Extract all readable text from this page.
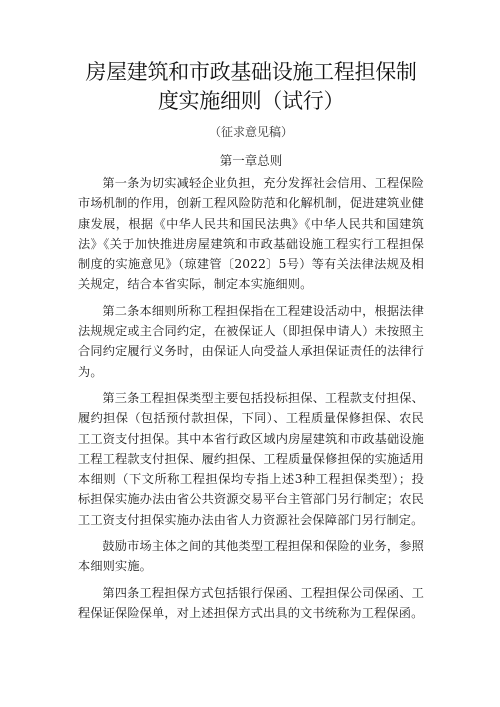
房屋建筑和市政基础设施工程担保制
度实施细则（试行）
（征求意见稿）
第一章总则

第一条为切实减轻企业负担，充分发挥社会信用、工程保险市场机制的作用，创新工程风险防范和化解机制，促进建筑业健康发展，根据《中华人民共和国民法典》《中华人民共和国建筑法》《关于加快推进房屋建筑和市政基础设施工程实行工程担保制度的实施意见》（琼建管〔2022〕5号）等有关法律法规及相关规定，结合本省实际，制定本实施细则。

第二条本细则所称工程担保指在工程建设活动中，根据法律法规规定或主合同约定，在被保证人（即担保申请人）未按照主合同约定履行义务时，由保证人向受益人承担保证责任的法律行为。

第三条工程担保类型主要包括投标担保、工程款支付担保、履约担保（包括预付款担保，下同）、工程质量保修担保、农民工工资支付担保。其中本省行政区域内房屋建筑和市政基础设施工程工程款支付担保、履约担保、工程质量保修担保的实施适用本细则（下文所称工程担保均专指上述3种工程担保类型）；投标担保实施办法由省公共资源交易平台主管部门另行制定；农民工工资支付担保实施办法由省人力资源社会保障部门另行制定。

鼓励市场主体之间的其他类型工程担保和保险的业务，参照本细则实施。

第四条工程担保方式包括银行保函、工程担保公司保函、工程保证保险保单，对上述担保方式出具的文书统称为工程保函。
